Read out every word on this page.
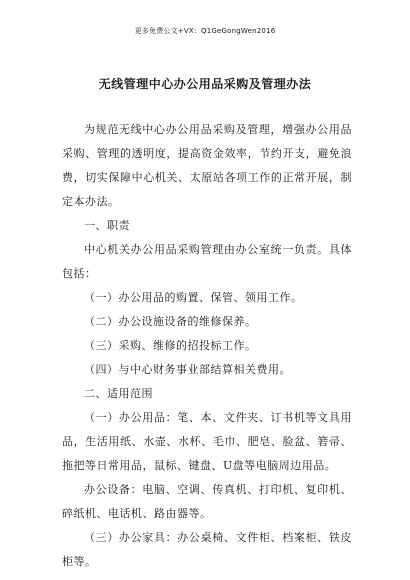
更多免费公文+VX：Q1GeGongWen2016
无线管理中心办公用品采购及管理办法

为规范无线中心办公用品采购及管理，增强办公用品采购、管理的透明度，提高资金效率，节约开支，避免浪费，切实保障中心机关、太原站各项工作的正常开展，制定本办法。

一、职责

中心机关办公用品采购管理由办公室统一负责。具体包括：

（一）办公用品的购置、保管、领用工作。

（二）办公设施设备的维修保养。

（三）采购、维修的招投标工作。

（四）与中心财务事业部结算相关费用。

二、适用范围

（一）办公用品：笔、本、文件夹、订书机等文具用品，生活用纸、水壶、水杯、毛巾、肥皂、脸盆、箬帚、拖把等日常用品，鼠标、键盘、U盘等电脑周边用品。

办公设备：电脑、空调、传真机、打印机、复印机、碎纸机、电话机、路由器等。

（三）办公家具：办公桌椅、文件柜、档案柜、铁皮柜等。
